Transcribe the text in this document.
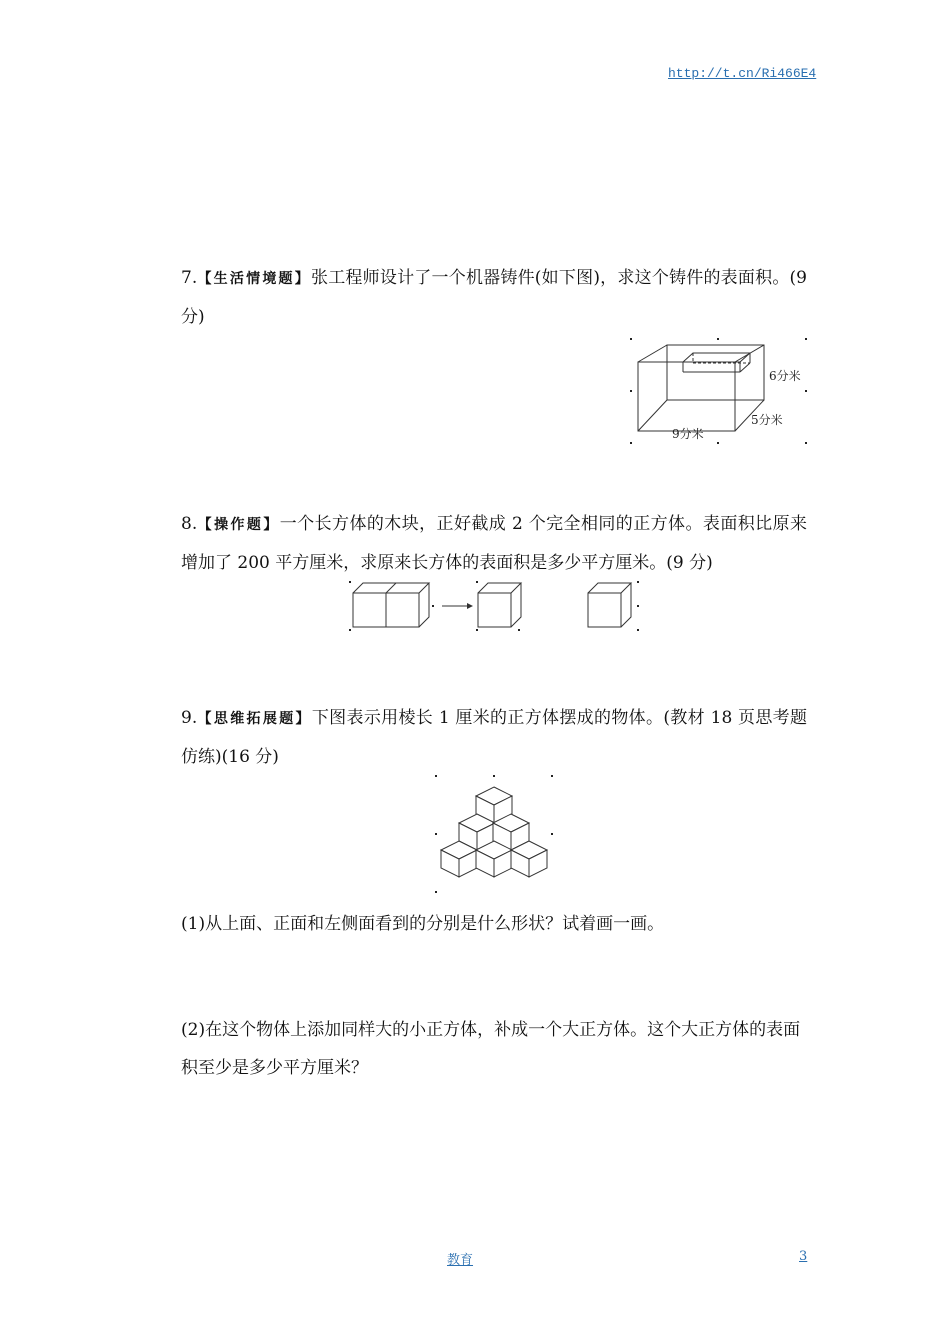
http://t.cn/Ri466E4
7.【生活情境题】张工程师设计了一个机器铸件(如下图)，求这个铸件的表面积。(9 分)
6分米
5分米
9分米
8.【操作题】一个长方体的木块，正好截成 2 个完全相同的正方体。表面积比原来增加了 200 平方厘米，求原来长方体的表面积是多少平方厘米。(9 分)
9.【思维拓展题】下图表示用棱长 1 厘米的正方体摆成的物体。(教材 18 页思考题仿练)(16 分)
(1)从上面、正面和左侧面看到的分别是什么形状？试着画一画。
(2)在这个物体上添加同样大的小正方体，补成一个大正方体。这个大正方体的表面积至少是多少平方厘米？
教育	3
